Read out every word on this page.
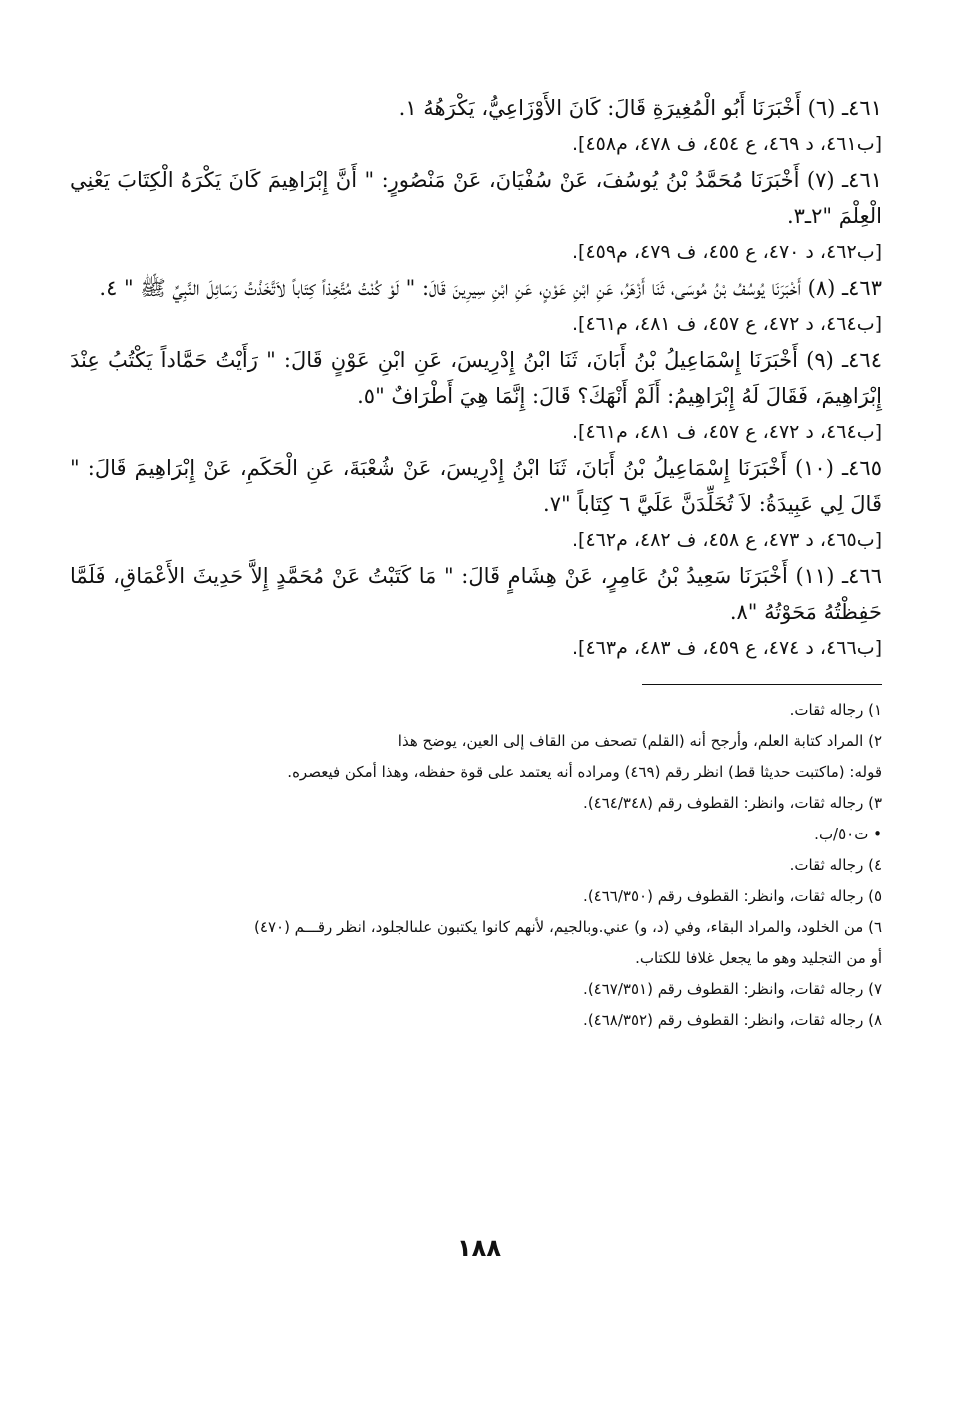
٤٦١ـ (٦) أَخْبَرَنَا أَبُو الْمُغِيرَةِ قَالَ: كَانَ الأَوْزَاعِيُّ، يَكْرَهُهُ ١.

[ب٤٦١، د ٤٦٩، ع ٤٥٤، ف ٤٧٨، م٤٥٨].

٤٦١ـ (٧) أَخْبَرَنَا مُحَمَّدُ بْنُ يُوسُفَ، عَنْ سُفْيَانَ، عَنْ مَنْصُورٍ: " أَنَّ إِبْرَاهِيمَ كَانَ يَكْرَهُ الْكِتَابَ يَعْنِي الْعِلْمَ "٢ـ٣.

[ب٤٦٢، د ٤٧٠، ع ٤٥٥، ف ٤٧٩، م٤٥٩].

٤٦٣ـ (٨) أَخْبَرَنَا يُوسُفُ بْنُ مُوسَى، ثَنَا أَزْهَرُ، عَنِ ابْنِ عَوْنٍ، عَنِ ابْنِ سِيرِينَ قَالَ: " لَوْ كُنْتُ مُتَّخِذاً كِتَاباً لاَتَّخَذْتُ رَسَائِلَ النَّبِيِّ ﷺ " ٤.

[ب٤٦٤، د ٤٧٢، ع ٤٥٧، ف ٤٨١، م٤٦١].

٤٦٤ـ (٩) أَخْبَرَنَا إِسْمَاعِيلُ بْنُ أَبَانَ، ثَنَا ابْنُ إِدْرِيسَ، عَنِ ابْنِ عَوْنٍ قَالَ: " رَأَيْتُ حَمَّاداً يَكْتُبُ عِنْدَ إِبْرَاهِيمَ، فَقَالَ لَهُ إِبْرَاهِيمُ: أَلَمْ أَنْهَكَ؟ قَالَ: إِنَّمَا هِيَ أَطْرَافٌ "٥.

[ب٤٦٤، د ٤٧٢، ع ٤٥٧، ف ٤٨١، م٤٦١].

٤٦٥ـ (١٠) أَخْبَرَنَا إِسْمَاعِيلُ بْنُ أَبَانَ، ثَنَا ابْنُ إِدْرِيسَ، عَنْ شُعْبَةَ، عَنِ الْحَكَمِ، عَنْ إِبْرَاهِيمَ قَالَ: " قَالَ لِي عَبِيدَةُ: لاَ تُخَلِّدَنَّ عَلَيَّ ٦ كِتَاباً "٧.

[ب٤٦٥، د ٤٧٣، ع ٤٥٨، ف ٤٨٢، م٤٦٢].

٤٦٦ـ (١١) أَخْبَرَنَا سَعِيدُ بْنُ عَامِرٍ، عَنْ هِشَامٍ قَالَ: " مَا كَتَبْتُ عَنْ مُحَمَّدٍ إِلاَّ حَدِيثَ الأَعْمَاقِ، فَلَمَّا حَفِظْتُهُ مَحَوْتُهُ "٨.

[ب٤٦٦، د ٤٧٤، ع ٤٥٩، ف ٤٨٣، م٤٦٣].

١) رجاله ثقات.

٢) المراد كتابة العلم، وأرجح أنه (القلم) تصحف من القاف إلى العين، يوضح هذا

قوله: (ماكتبت حديثا قط) انظر رقم (٤٦٩) ومراده أنه يعتمد على قوة حفظه، وهذا أمكن فيعصره.

٣) رجاله ثقات، وانظر: القطوف رقم (٤٦٤/٣٤٨).

• ت٥٠/ب.

٤) رجاله ثقات.

٥) رجاله ثقات، وانظر: القطوف رقم (٤٦٦/٣٥٠).

٦) من الخلود، والمراد البقاء، وفي (د، و) عني.وبالجيم، لأنهم كانوا يكتبون علىالجلود، انظر رقـــم (٤٧٠)

أو من التجليد وهو ما يجعل غلافا للكتاب.

٧) رجاله ثقات، وانظر: القطوف رقم (٤٦٧/٣٥١).

٨) رجاله ثقات، وانظر: القطوف رقم (٤٦٨/٣٥٢).

١٨٨
